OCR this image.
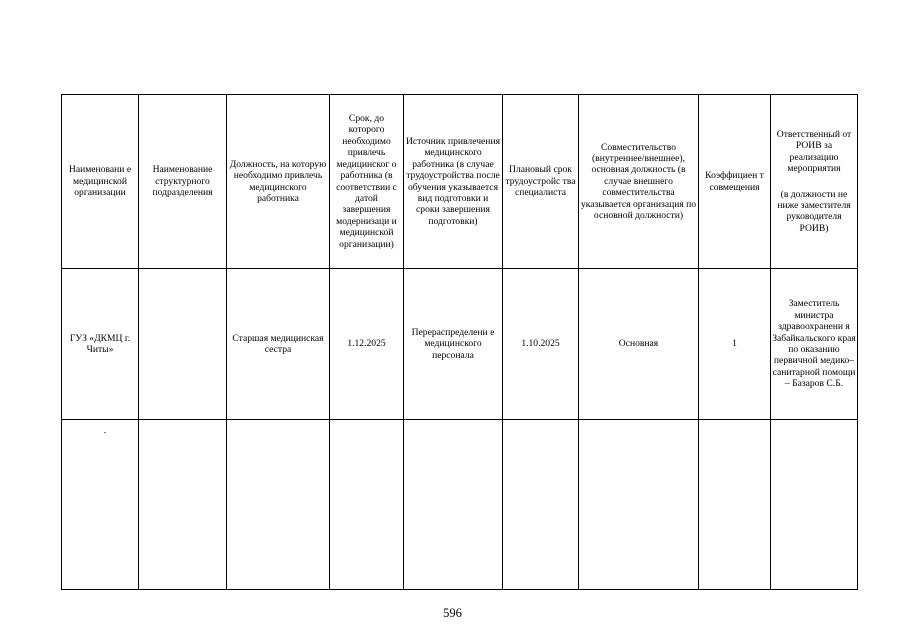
Наименовани е медицинской организации	Наименование структурного подразделения	Должность, на которую необходимо привлечь медицинского работника	Срок, до которого необходимо привлечь медицинског о работника (в соответствии с датой завершения модернизаци и медицинской организации)	Источник привлечения медицинского работника (в случае трудоустройства после обучения указывается вид подготовки и сроки завершения подготовки)	Плановый срок трудоустройс тва специалиста	Совместительство (внутреннее/внешнее), основная должность (в случае внешнего совместительства указывается организация по основной должности)	Коэффициен т совмещения	Ответственный от РОИВ за реализацию мероприятия
(в должности не ниже заместителя руководителя РОИВ)

ГУЗ «ДКМЦ г. Читы»		Старшая медицинская сестра	1.12.2025	Перераспределени е медицинского персонала	1.10.2025	Основная	1	Заместитель министра здравоохранени я Забайкальского края по оказанию первичной медико– санитарной помощи – Базаров С.Б.

596
